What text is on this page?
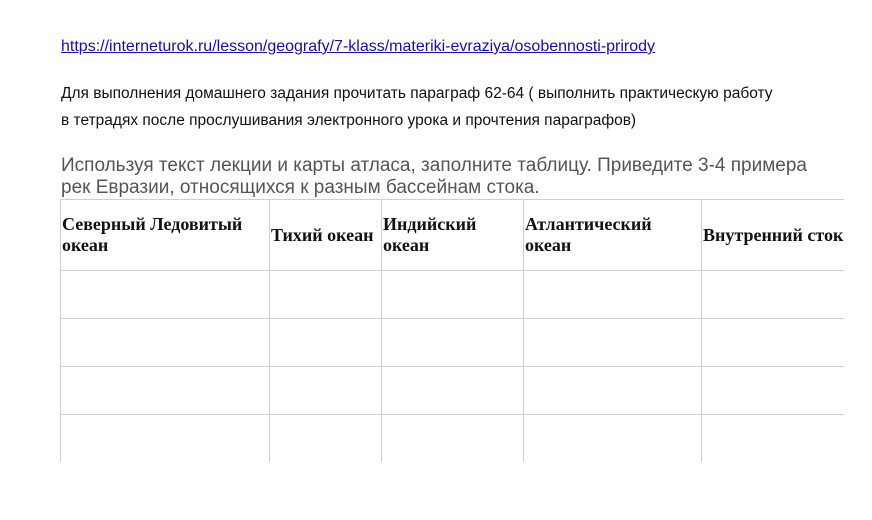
https://interneturok.ru/lesson/geografy/7-klass/materiki-evraziya/osobennosti-prirody
Для выполнения домашнего задания прочитать параграф 62-64 ( выполнить практическую работу
в тетрадях после прослушивания электронного урока и прочтения параграфов)
Используя текст лекции и карты атласа, заполните таблицу. Приведите 3-4 примера
рек Евразии, относящихся к разным бассейнам стока.
Северный Ледовитый океан	Тихий океан	Индийский океан	Атлантический океан	Внутренний сток
